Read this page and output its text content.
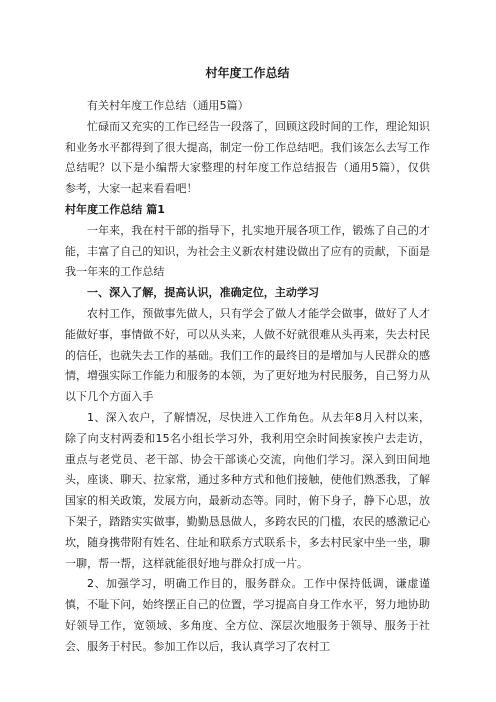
村年度工作总结

有关村年度工作总结（通用5篇）

忙碌而又充实的工作已经告一段落了，回顾这段时间的工作，理论知识和业务水平都得到了很大提高，制定一份工作总结吧。我们该怎么去写工作总结呢？以下是小编帮大家整理的村年度工作总结报告（通用5篇），仅供参考，大家一起来看看吧！

村年度工作总结 篇1

一年来，我在村干部的指导下，扎实地开展各项工作，锻炼了自己的才能，丰富了自己的知识，为社会主义新农村建设做出了应有的贡献，下面是我一年来的工作总结

一、深入了解，提高认识，准确定位，主动学习

农村工作，预做事先做人，只有学会了做人才能学会做事，做好了人才能做好事，事情做不好，可以从头来，人做不好就很难从头再来，失去村民的信任，也就失去工作的基础。我们工作的最终目的是增加与人民群众的感情，增强实际工作能力和服务的本领，为了更好地为村民服务，自己努力从以下几个方面入手

1、深入农户，了解情况，尽快进入工作角色。从去年8月入村以来，除了向支村两委和15名小组长学习外，我利用空余时间挨家挨户去走访，重点与老党员、老干部、协会干部谈心交流，向他们学习。深入到田间地头，座谈、聊天、拉家常，通过多种方式和他们接触，使他们熟悉我，了解国家的相关政策，发展方向，最新动态等。同时，俯下身子，静下心思，放下架子，踏踏实实做事，勤勤恳恳做人，多跨农民的门槛，农民的感激记心坎，随身携带附有姓名、住址和联系方式联系卡，多去村民家中坐一坐，聊一聊，帮一帮，这样就能很好地与群众打成一片。

2、加强学习，明确工作目的，服务群众。工作中保持低调，谦虚谨慎，不耻下问，始终摆正自己的位置，学习提高自身工作水平，努力地协助好领导工作，宽领域、多角度、全方位、深层次地服务于领导、服务于社会、服务于村民。参加工作以后，我认真学习了农村工
